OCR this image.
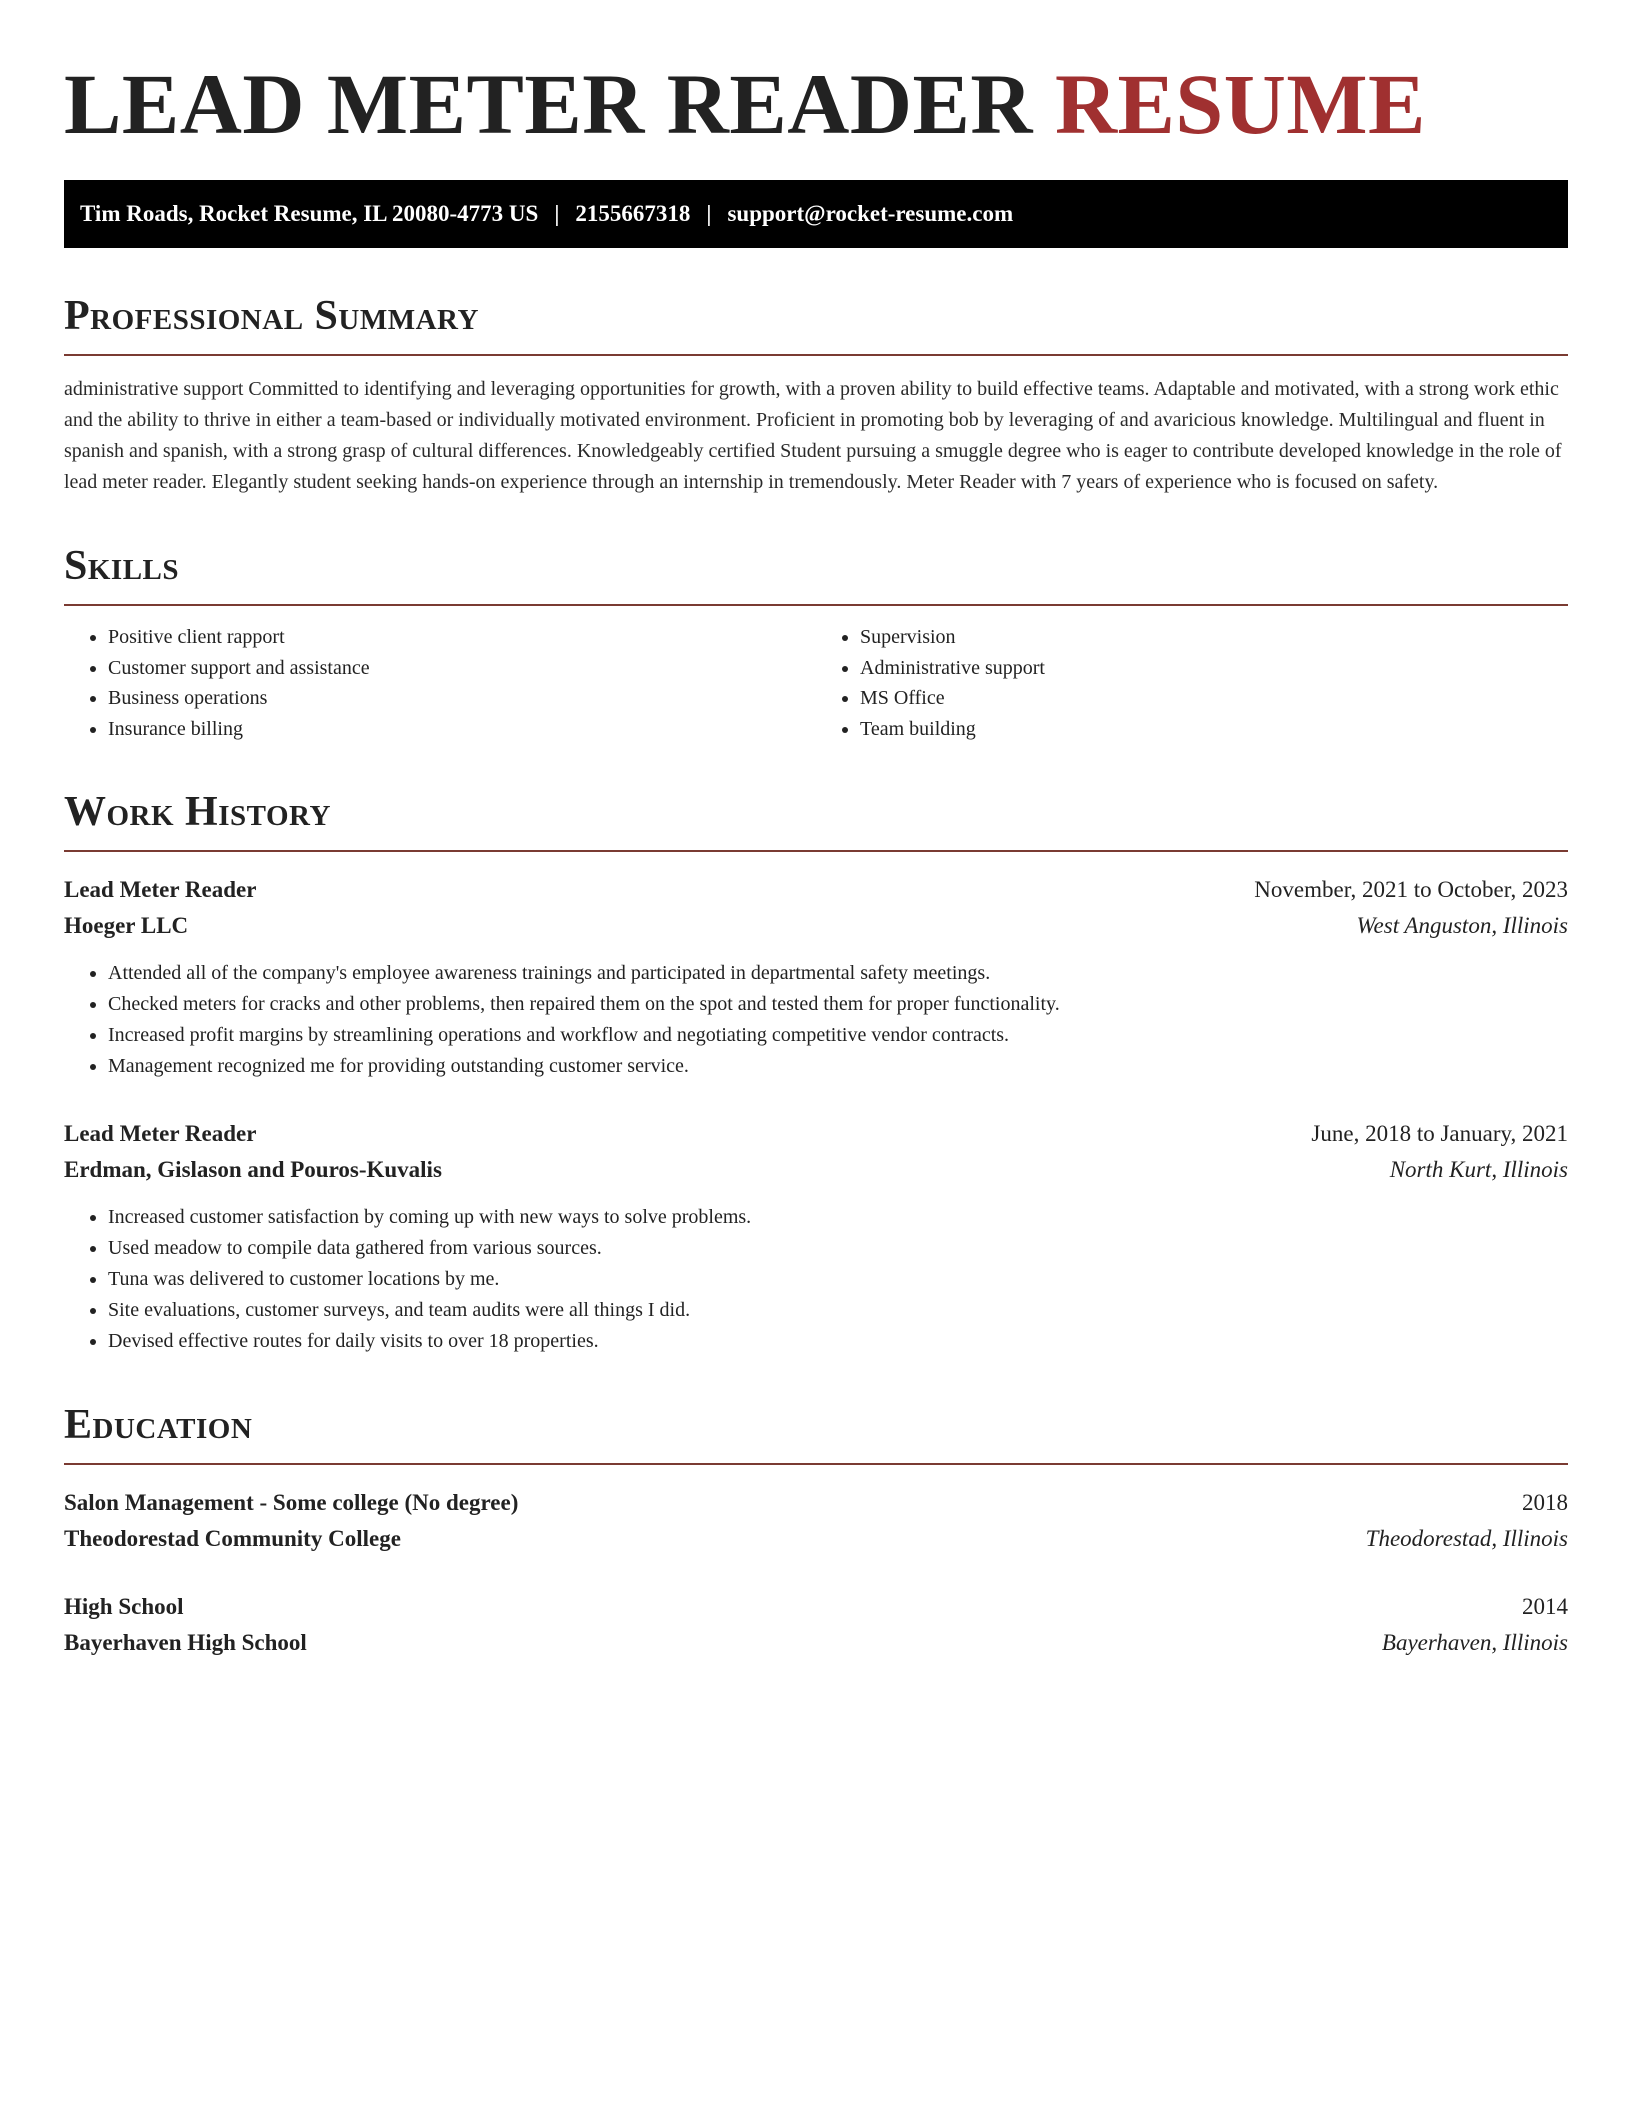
LEAD METER READER RESUME
Tim Roads, Rocket Resume, IL 20080-4773 US | 2155667318 | support@rocket-resume.com
Professional Summary

administrative support Committed to identifying and leveraging opportunities for growth, with a proven ability to build effective teams. Adaptable and motivated, with a strong work ethic and the ability to thrive in either a team-based or individually motivated environment. Proficient in promoting bob by leveraging of and avaricious knowledge. Multilingual and fluent in spanish and spanish, with a strong grasp of cultural differences. Knowledgeably certified Student pursuing a smuggle degree who is eager to contribute developed knowledge in the role of lead meter reader. Elegantly student seeking hands-on experience through an internship in tremendously. Meter Reader with 7 years of experience who is focused on safety.

Skills
• Positive client rapport
• Customer support and assistance
• Business operations
• Insurance billing
• Supervision
• Administrative support
• MS Office
• Team building
Work History
Lead Meter Reader	November, 2021 to October, 2023
Hoeger LLC	West Anguston, Illinois
• Attended all of the company's employee awareness trainings and participated in departmental safety meetings.
• Checked meters for cracks and other problems, then repaired them on the spot and tested them for proper functionality.
• Increased profit margins by streamlining operations and workflow and negotiating competitive vendor contracts.
• Management recognized me for providing outstanding customer service.
Lead Meter Reader	June, 2018 to January, 2021
Erdman, Gislason and Pouros-Kuvalis	North Kurt, Illinois
• Increased customer satisfaction by coming up with new ways to solve problems.
• Used meadow to compile data gathered from various sources.
• Tuna was delivered to customer locations by me.
• Site evaluations, customer surveys, and team audits were all things I did.
• Devised effective routes for daily visits to over 18 properties.
Education
Salon Management - Some college (No degree)	2018
Theodorestad Community College	Theodorestad, Illinois
High School	2014
Bayerhaven High School	Bayerhaven, Illinois
